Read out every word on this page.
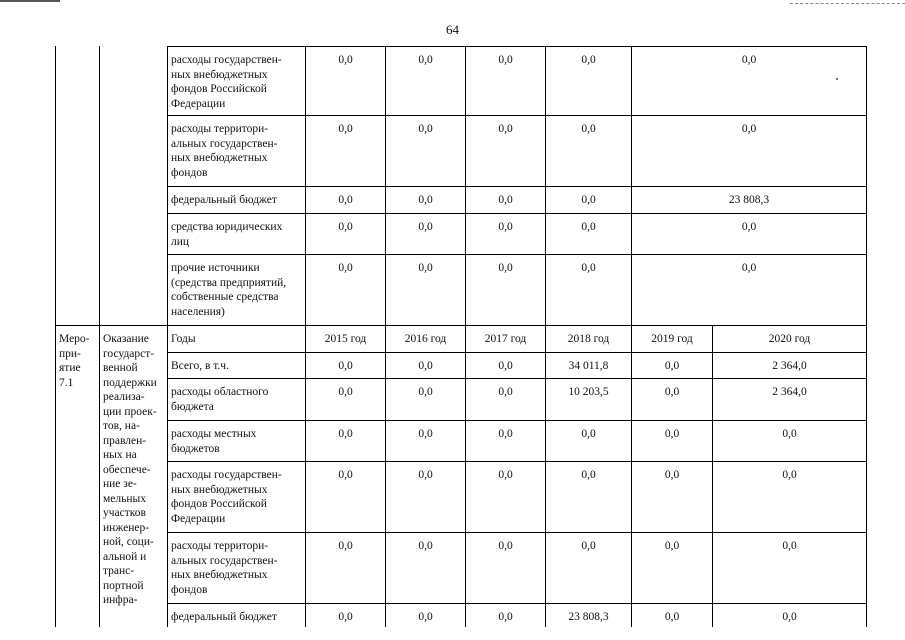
64
расходы государствен-
ных внебюджетных
фондов Российской
Федерации
0,0	0,0	0,0	0,0	0,0
расходы территори-
альных государствен-
ных внебюджетных
фондов
0,0	0,0	0,0	0,0	0,0
федеральный бюджет	0,0	0,0	0,0	0,0	23 808,3
средства юридических
лиц
0,0	0,0	0,0	0,0	0,0
прочие источники
(средства предприятий,
собственные средства
населения)
0,0	0,0	0,0	0,0	0,0
Меро-
при-
ятие
7.1
Оказание
государст-
венной
поддержки
реализа-
ции проек-
тов, на-
правлен-
ных на
обеспече-
ние зе-
мельных
участков
инженер-
ной, соци-
альной и
транс-
портной
инфра-
Годы	2015 год	2016 год	2017 год	2018 год	2019 год	2020 год
Всего, в т.ч.	0,0	0,0	0,0	34 011,8	0,0	2 364,0
расходы областного
бюджета
0,0	0,0	0,0	10 203,5	0,0	2 364,0
расходы местных
бюджетов
0,0	0,0	0,0	0,0	0,0	0,0
расходы государствен-
ных внебюджетных
фондов Российской
Федерации
0,0	0,0	0,0	0,0	0,0	0,0
расходы территори-
альных государствен-
ных внебюджетных
фондов
0,0	0,0	0,0	0,0	0,0	0,0
федеральный бюджет	0,0	0,0	0,0	23 808,3	0,0	0,0
